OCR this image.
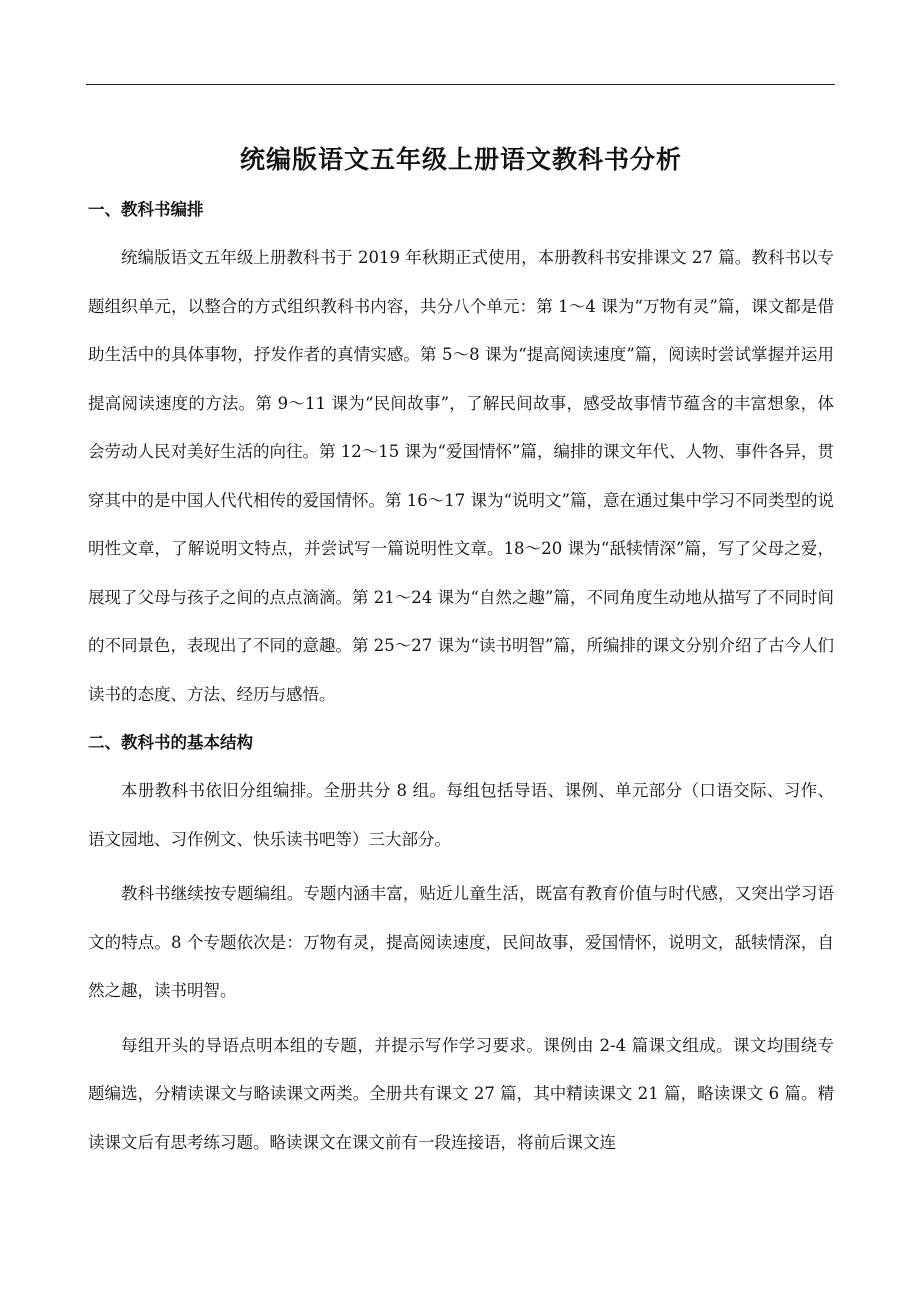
统编版语文五年级上册语文教科书分析
一、教科书编排

统编版语文五年级上册教科书于 2019 年秋期正式使用，本册教科书安排课文 27 篇。教科书以专题组织单元，以整合的方式组织教科书内容，共分八个单元：第 1～4 课为“万物有灵”篇，课文都是借助生活中的具体事物，抒发作者的真情实感。第 5～8 课为“提高阅读速度”篇，阅读时尝试掌握并运用提高阅读速度的方法。第 9～11 课为“民间故事”，了解民间故事，感受故事情节蕴含的丰富想象，体会劳动人民对美好生活的向往。第 12～15 课为“爱国情怀”篇，编排的课文年代、人物、事件各异，贯穿其中的是中国人代代相传的爱国情怀。第 16～17 课为“说明文”篇，意在通过集中学习不同类型的说明性文章，了解说明文特点，并尝试写一篇说明性文章。18～20 课为“舐犊情深”篇，写了父母之爱，展现了父母与孩子之间的点点滴滴。第 21～24 课为“自然之趣”篇，不同角度生动地从描写了不同时间的不同景色，表现出了不同的意趣。第 25～27 课为“读书明智”篇，所编排的课文分别介绍了古今人们读书的态度、方法、经历与感悟。

二、教科书的基本结构

本册教科书依旧分组编排。全册共分 8 组。每组包括导语、课例、单元部分（口语交际、习作、语文园地、习作例文、快乐读书吧等）三大部分。

教科书继续按专题编组。专题内涵丰富，贴近儿童生活，既富有教育价值与时代感，又突出学习语文的特点。8 个专题依次是：万物有灵，提高阅读速度，民间故事，爱国情怀，说明文，舐犊情深，自然之趣，读书明智。

每组开头的导语点明本组的专题，并提示写作学习要求。课例由 2-4 篇课文组成。课文均围绕专题编选，分精读课文与略读课文两类。全册共有课文 27 篇，其中精读课文 21 篇，略读课文 6 篇。精读课文后有思考练习题。略读课文在课文前有一段连接语，将前后课文连
